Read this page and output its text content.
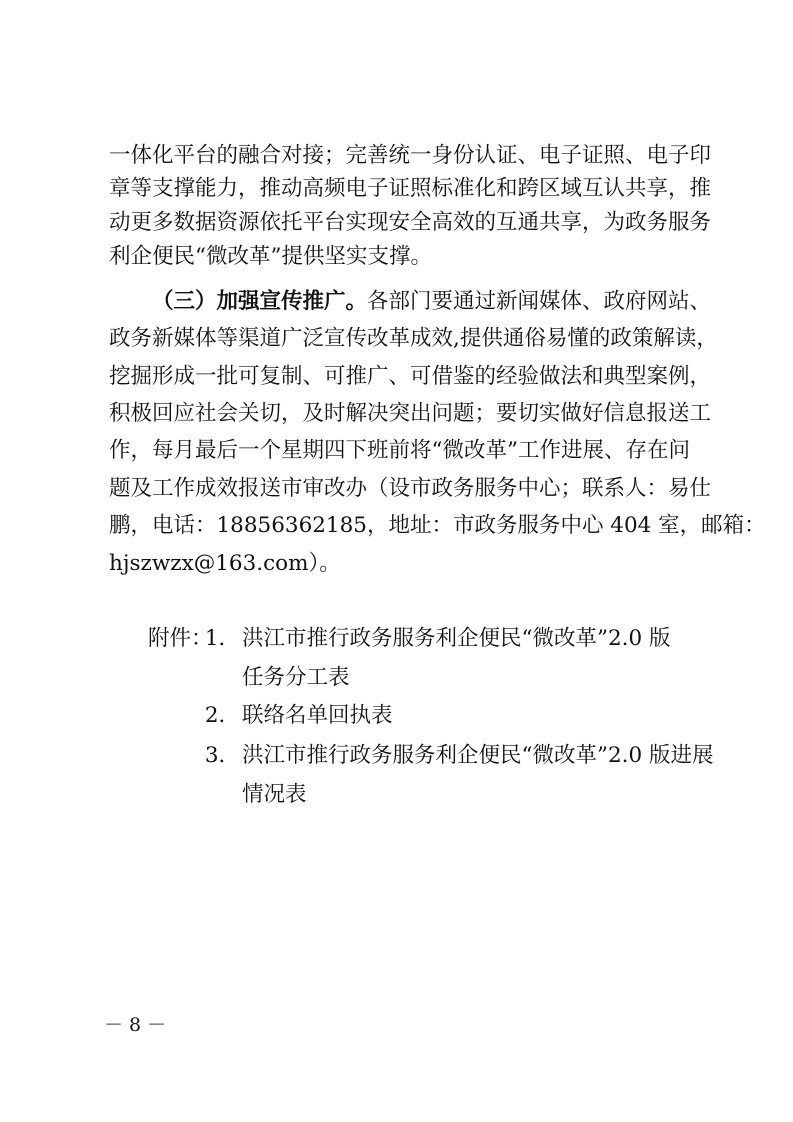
一体化平台的融合对接；完善统一身份认证、电子证照、电子印
章等支撑能力，推动高频电子证照标准化和跨区域互认共享，推
动更多数据资源依托平台实现安全高效的互通共享，为政务服务
利企便民“微改革”提供坚实支撑。
（三）加强宣传推广。各部门要通过新闻媒体、政府网站、
政务新媒体等渠道广泛宣传改革成效,提供通俗易懂的政策解读，
挖掘形成一批可复制、可推广、可借鉴的经验做法和典型案例，
积极回应社会关切，及时解决突出问题；要切实做好信息报送工
作，每月最后一个星期四下班前将“微改革”工作进展、存在问
题及工作成效报送市审改办（设市政务服务中心；联系人：易仕
鹏，电话：18856362185，地址：市政务服务中心 404 室，邮箱：
hjszwzx@163.com）。
附件：
1． 洪江市推行政务服务利企便民“微改革”2.0 版
任务分工表
2． 联络名单回执表
3． 洪江市推行政务服务利企便民“微改革”2.0 版进展
情况表
－ 8 －
